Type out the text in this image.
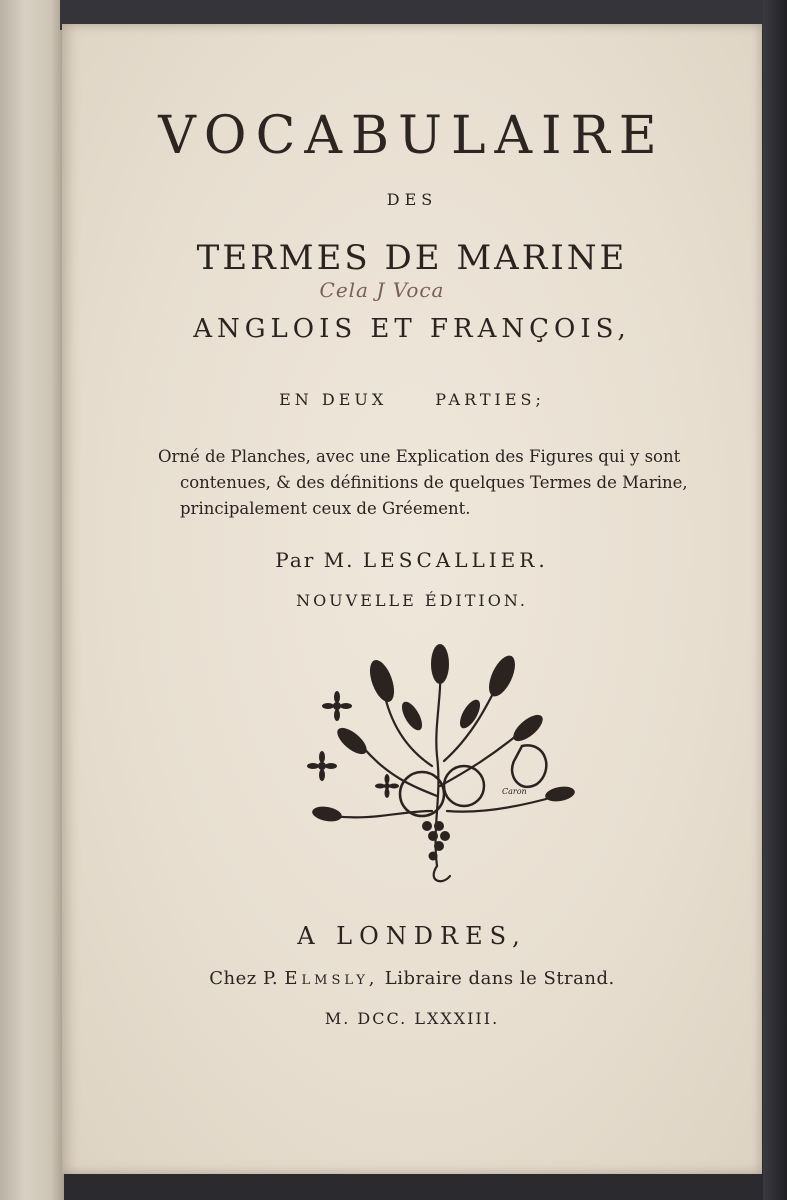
VOCABULAIRE
DES
TERMES DE MARINE
Cela J Voca
ANGLOIS ET FRANÇOIS,
EN DEUX	PARTIES;
Orné de Planches, avec une Explication des Figures qui y sont
contenues, & des définitions de quelques Termes de Marine,
principalement ceux de Gréement.
Par M. LESCALLIER.
NOUVELLE ÉDITION.
Caron
A LONDRES,
Chez P. Elmsly, Libraire dans le Strand.
M. DCC. LXXXIII.
